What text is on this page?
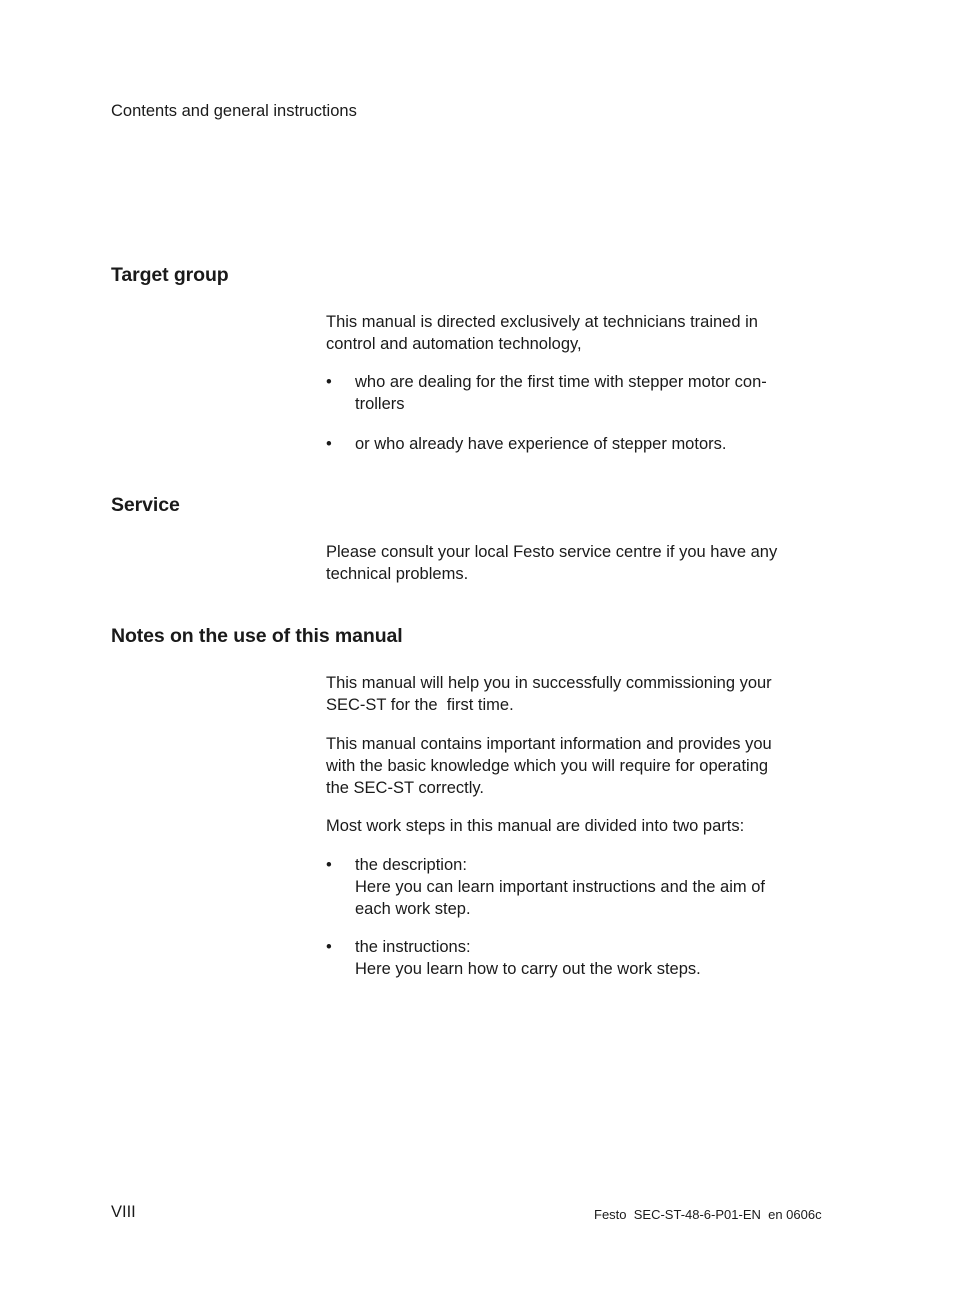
Contents and general instructions
Target group

This manual is directed exclusively at technicians trained in
control and automation technology,

• who are dealing for the first time with stepper motor con-
trollers
• or who already have experience of stepper motors.
Service

Please consult your local Festo service centre if you have any
technical problems.

Notes on the use of this manual

This manual will help you in successfully commissioning your
SEC-ST for the  first time.

This manual contains important information and provides you
with the basic knowledge which you will require for operating
the SEC-ST correctly.

Most work steps in this manual are divided into two parts:

• the description:
Here you can learn important instructions and the aim of
each work step.
• the instructions:
Here you learn how to carry out the work steps.
VIII	Festo  SEC-ST-48-6-P01-EN  en 0606c
